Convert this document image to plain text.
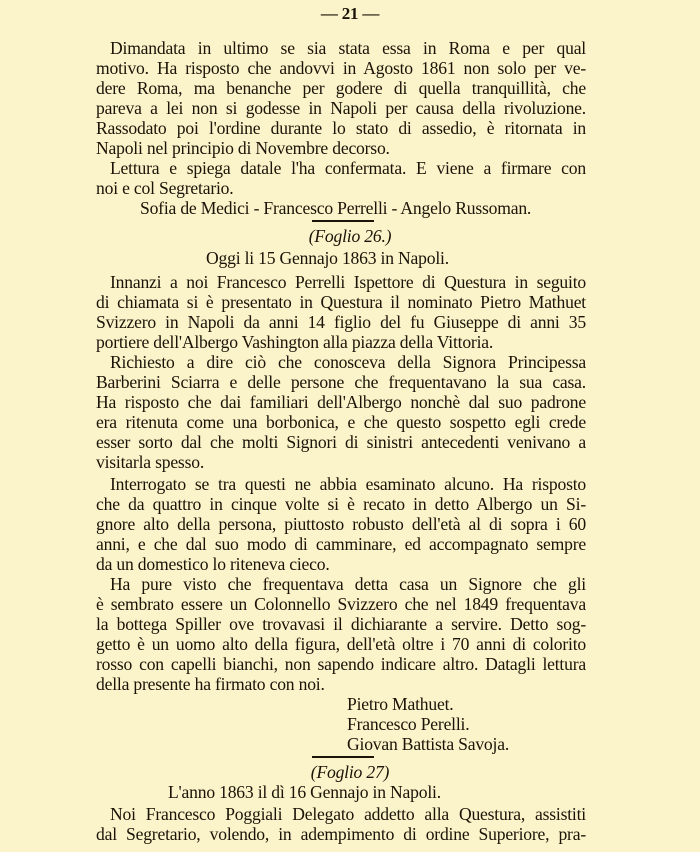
— 21 —
Dimandata in ultimo se sia stata essa in Roma e per qual
motivo. Ha risposto che andovvi in Agosto 1861 non solo per ve-
dere Roma, ma benanche per godere di quella tranquillità, che
pareva a lei non si godesse in Napoli per causa della rivoluzione.
Rassodato poi l'ordine durante lo stato di assedio, è ritornata in
Napoli nel principio di Novembre decorso.
Lettura e spiega datale l'ha confermata. E viene a firmare con
noi e col Segretario.
Sofia de Medici - Francesco Perrelli - Angelo Russoman.
(Foglio 26.)
Oggi li 15 Gennajo 1863 in Napoli.
Innanzi a noi Francesco Perrelli Ispettore di Questura in seguito
di chiamata si è presentato in Questura il nominato Pietro Mathuet
Svizzero in Napoli da anni 14 figlio del fu Giuseppe di anni 35
portiere dell'Albergo Vashington alla piazza della Vittoria.
Richiesto a dire ciò che conosceva della Signora Principessa
Barberini Sciarra e delle persone che frequentavano la sua casa.
Ha risposto che dai familiari dell'Albergo nonchè dal suo padrone
era ritenuta come una borbonica, e che questo sospetto egli crede
esser sorto dal che molti Signori di sinistri antecedenti venivano a
visitarla spesso.
Interrogato se tra questi ne abbia esaminato alcuno. Ha risposto
che da quattro in cinque volte si è recato in detto Albergo un Si-
gnore alto della persona, piuttosto robusto dell'età al di sopra i 60
anni, e che dal suo modo di camminare, ed accompagnato sempre
da un domestico lo riteneva cieco.
Ha pure visto che frequentava detta casa un Signore che gli
è sembrato essere un Colonnello Svizzero che nel 1849 frequentava
la bottega Spiller ove trovavasi il dichiarante a servire. Detto sog-
getto è un uomo alto della figura, dell'età oltre i 70 anni di colorito
rosso con capelli bianchi, non sapendo indicare altro. Datagli lettura
della presente ha firmato con noi.
Pietro Mathuet.
Francesco Perelli.
Giovan Battista Savoja.
(Foglio 27)
L'anno 1863 il dì 16 Gennajo in Napoli.
Noi Francesco Poggiali Delegato addetto alla Questura, assistiti
dal Segretario, volendo, in adempimento di ordine Superiore, pra-
